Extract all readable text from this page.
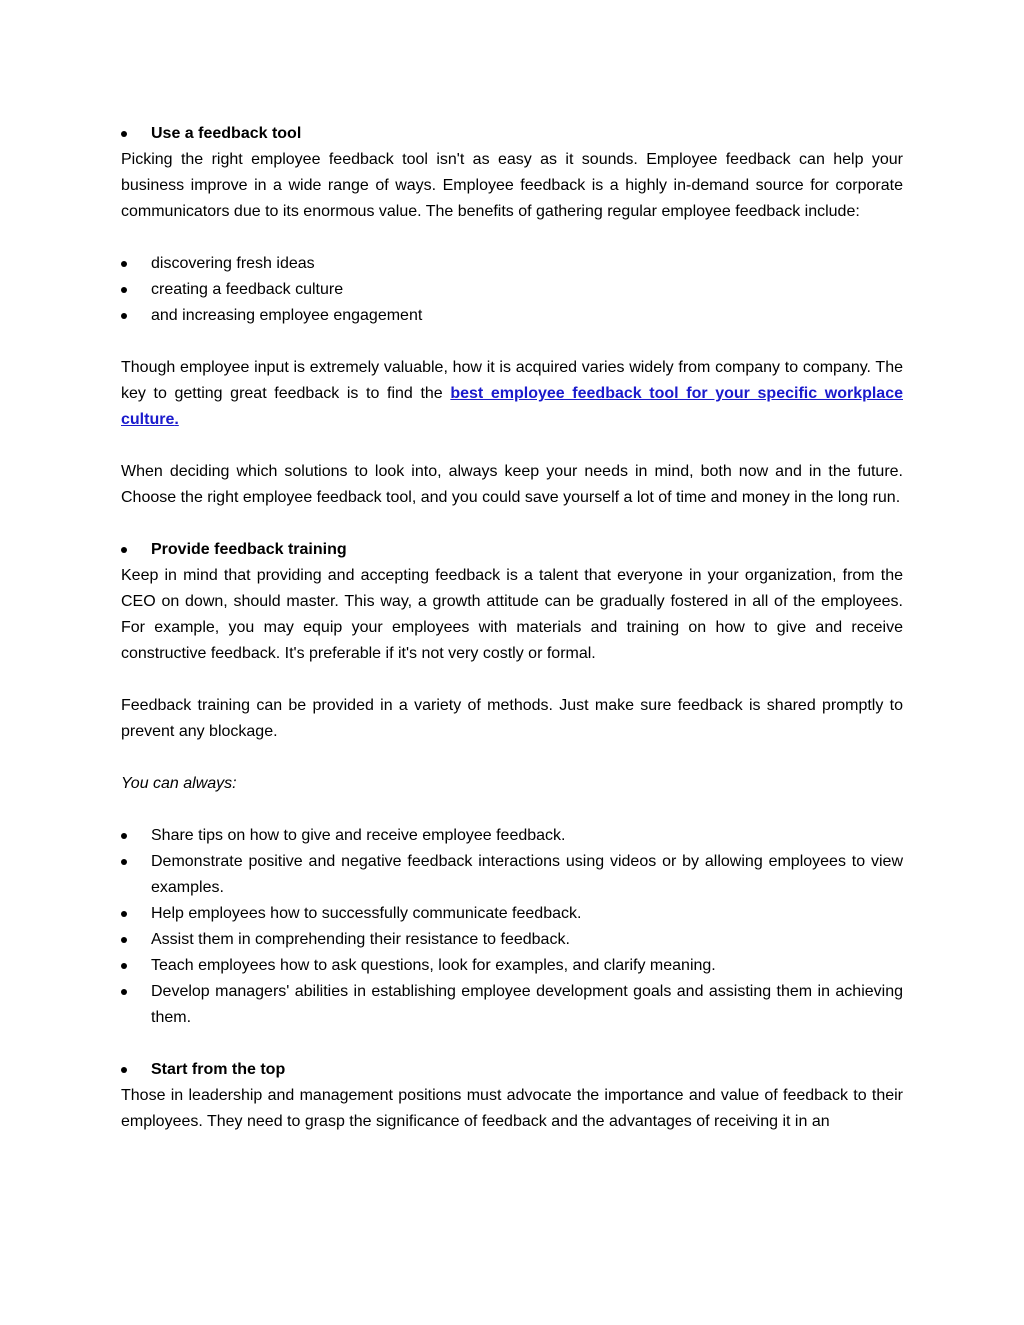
Use a feedback tool

Picking the right employee feedback tool isn't as easy as it sounds. Employee feedback can help your business improve in a wide range of ways. Employee feedback is a highly in-demand source for corporate communicators due to its enormous value. The benefits of gathering regular employee feedback include:

discovering fresh ideas
creating a feedback culture
and increasing employee engagement

Though employee input is extremely valuable, how it is acquired varies widely from company to company. The key to getting great feedback is to find the best employee feedback tool for your specific workplace culture.

When deciding which solutions to look into, always keep your needs in mind, both now and in the future. Choose the right employee feedback tool, and you could save yourself a lot of time and money in the long run.

Provide feedback training

Keep in mind that providing and accepting feedback is a talent that everyone in your organization, from the CEO on down, should master. This way, a growth attitude can be gradually fostered in all of the employees. For example, you may equip your employees with materials and training on how to give and receive constructive feedback. It's preferable if it's not very costly or formal.

Feedback training can be provided in a variety of methods. Just make sure feedback is shared promptly to prevent any blockage.

You can always:

Share tips on how to give and receive employee feedback.
Demonstrate positive and negative feedback interactions using videos or by allowing employees to view examples.
Help employees how to successfully communicate feedback.
Assist them in comprehending their resistance to feedback.
Teach employees how to ask questions, look for examples, and clarify meaning.
Develop managers' abilities in establishing employee development goals and assisting them in achieving them.
Start from the top

Those in leadership and management positions must advocate the importance and value of feedback to their employees. They need to grasp the significance of feedback and the advantages of receiving it in an
